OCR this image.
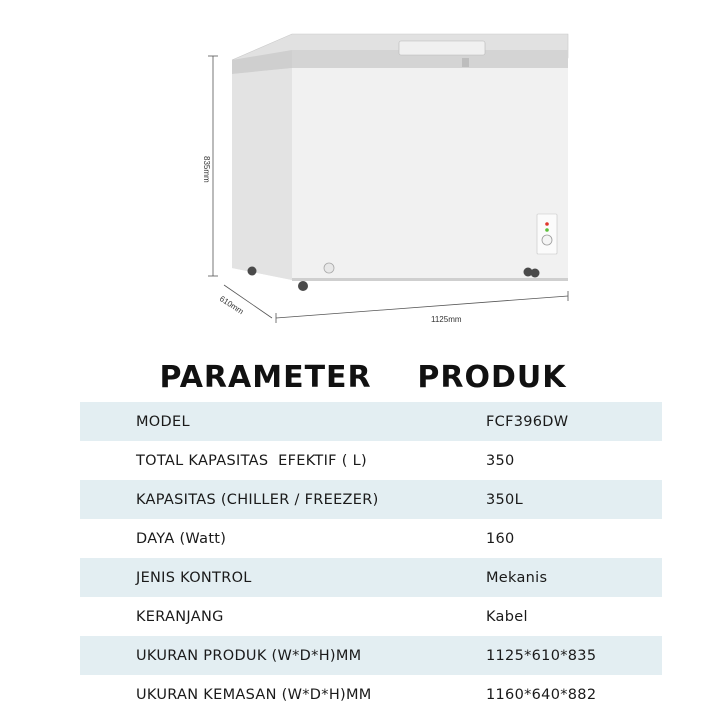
835mm
610mm
1125mm
PARAMETER    PRODUK
MODEL	FCF396DW
TOTAL KAPASITAS  EFEKTIF ( L)	350
KAPASITAS (CHILLER / FREEZER)	350L
DAYA (Watt)	160
JENIS KONTROL	Mekanis
KERANJANG	Kabel
UKURAN PRODUK (W*D*H)MM	1125*610*835
UKURAN KEMASAN (W*D*H)MM	1160*640*882
